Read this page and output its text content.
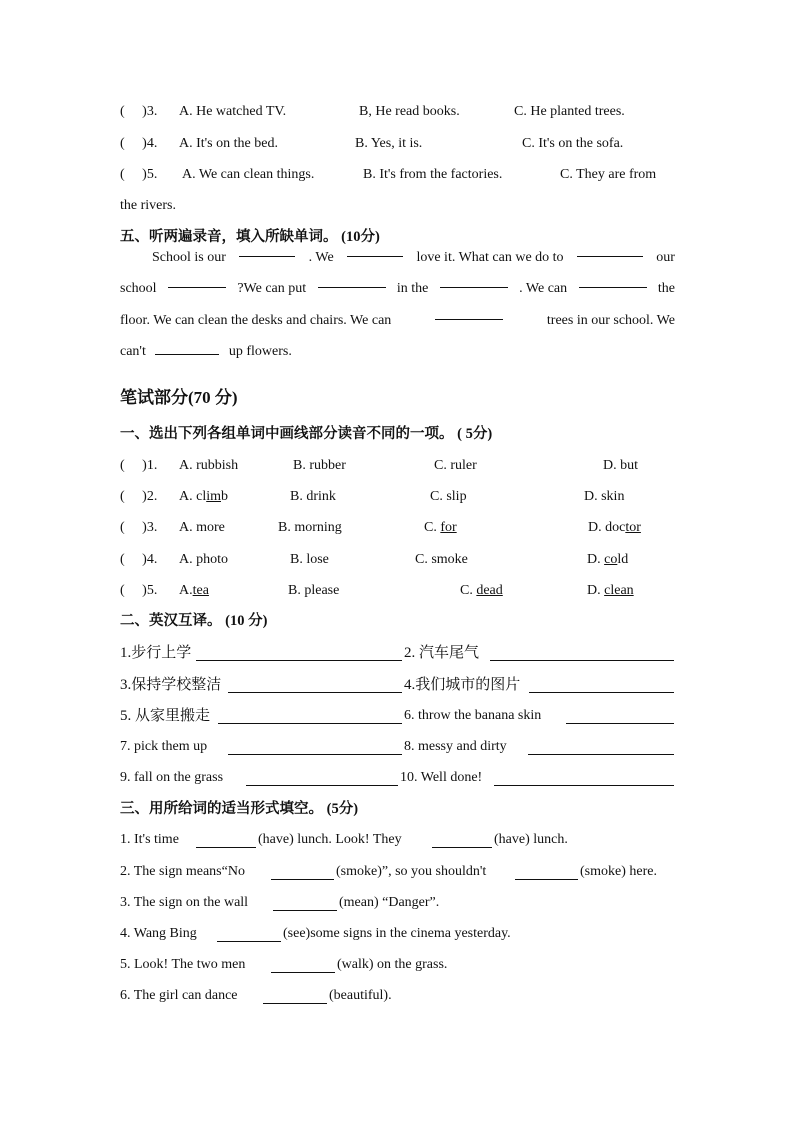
(     )3. A. He watched TV.	B, He read books.	C. He planted trees.
(     )4. A. It's on the bed.	B. Yes, it is.	C. It's on the sofa.
(     )5. A. We can clean things.	B. It's from the factories.	C. They are from
the rivers.
五、听两遍录音，填入所缺单词。 (10分)
School is our	. We	love it. What can we do to	our
school	?We can put	in the	. We can	the
floor. We can clean the desks and chairs. We can	trees in our school. We
can't	up flowers.
笔试部分(70 分)
一、选出下列各组单词中画线部分读音不同的一项。 ( 5分)
(     )1. A. rubbish	B. rubber	C. ruler	D. but
(     )2. A. climb	B. drink	C. slip	D. skin
(     )3. A. more	B. morning	C. for	D. doctor
(     )4. A. photo	B. lose	C. smoke	D. cold
(     )5. A.tea	B. please	C. dead	D. clean
二、英汉互译。 (10 分)
1.步行上学	2. 汽车尾气
3.保持学校整洁	4.我们城市的图片
5. 从家里搬走	6. throw the banana skin
7. pick them up	8. messy and dirty
9. fall on the grass	10. Well done!
三、用所给词的适当形式填空。 (5分)
1. It's time	(have) lunch. Look! They	(have) lunch.
2. The sign means“No	(smoke)”, so you shouldn't	(smoke) here.
3. The sign on the wall	(mean) “Danger”.
4. Wang Bing	(see)some signs in the cinema yesterday.
5. Look! The two men	(walk) on the grass.
6. The girl can dance	(beautiful).
